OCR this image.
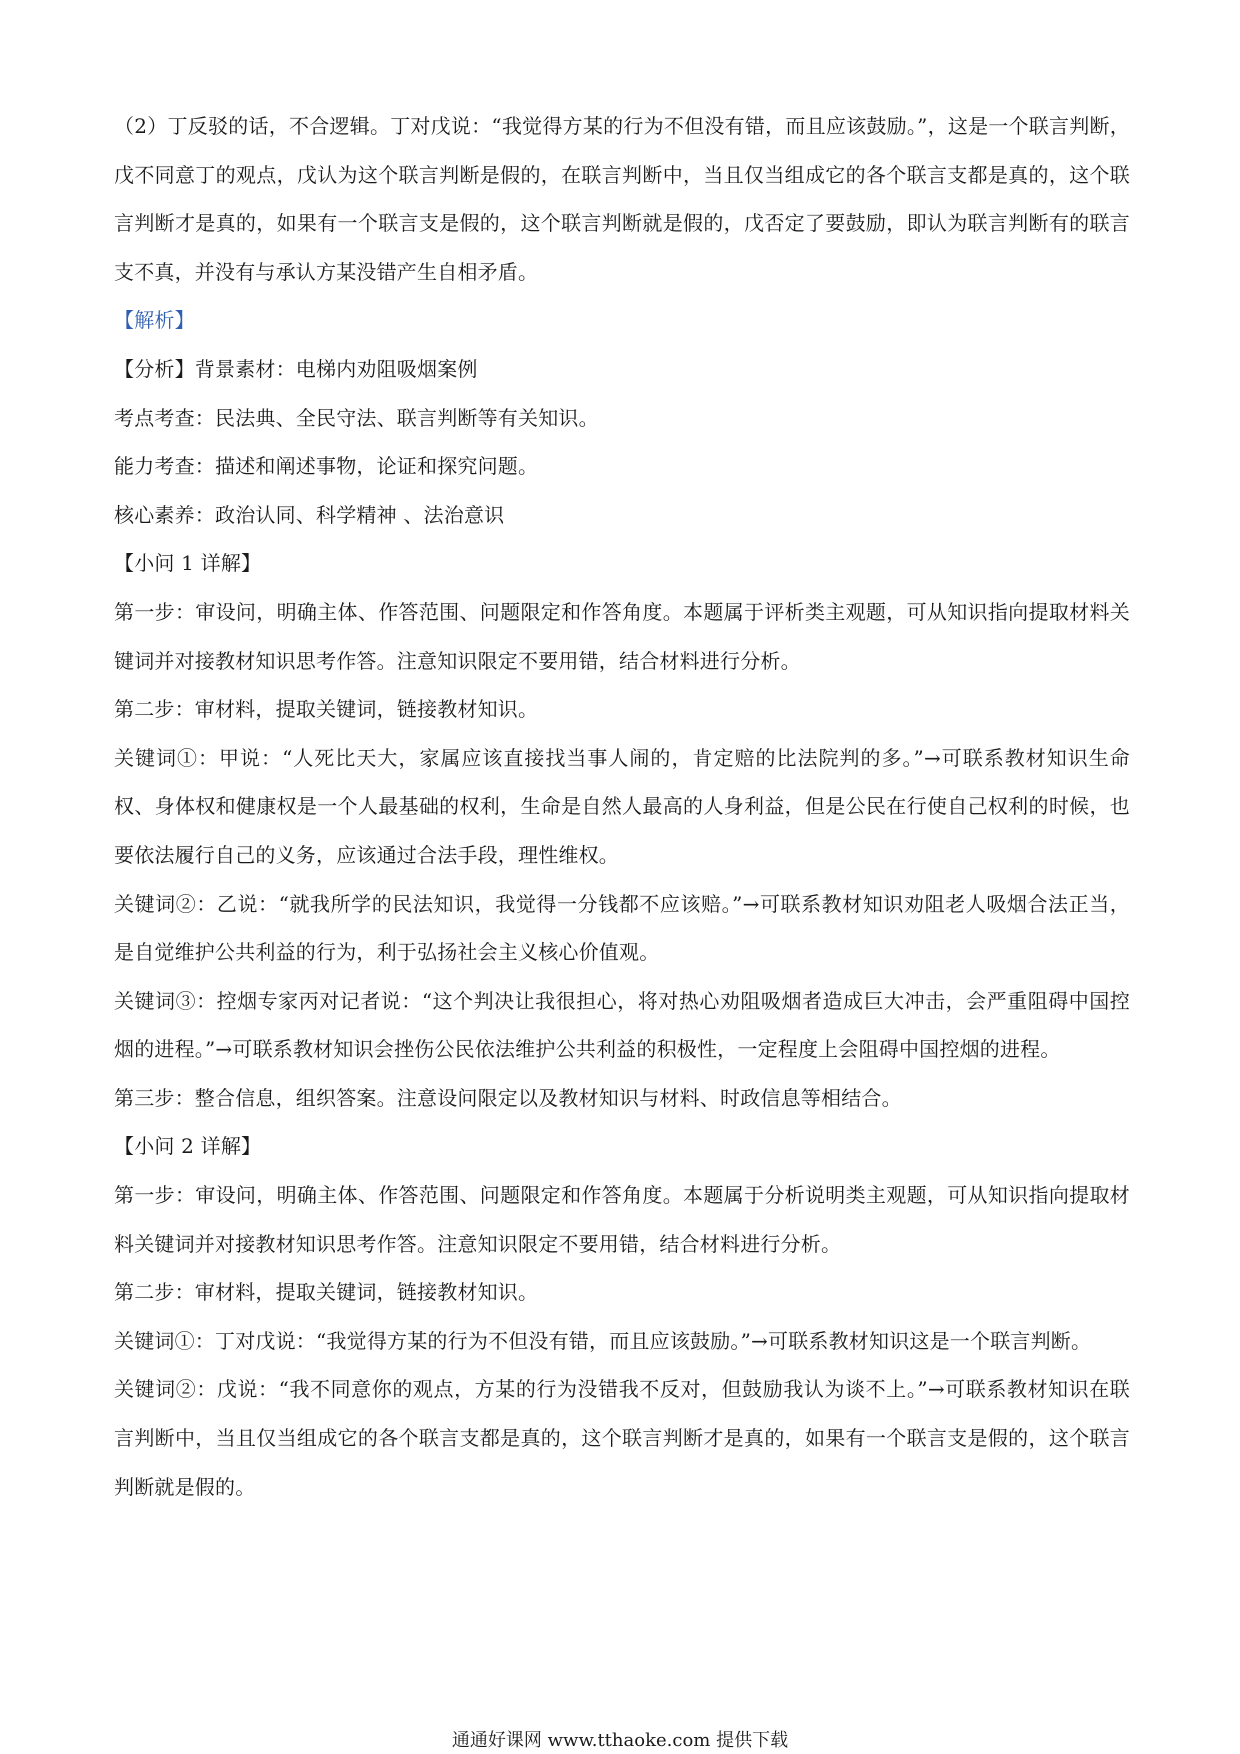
（2）丁反驳的话，不合逻辑。丁对戊说：“我觉得方某的行为不但没有错，而且应该鼓励。”，这是一个联言判断，戊不同意丁的观点，戊认为这个联言判断是假的，在联言判断中，当且仅当组成它的各个联言支都是真的，这个联言判断才是真的，如果有一个联言支是假的，这个联言判断就是假的，戊否定了要鼓励，即认为联言判断有的联言支不真，并没有与承认方某没错产生自相矛盾。

【解析】

【分析】背景素材：电梯内劝阻吸烟案例

考点考查：民法典、全民守法、联言判断等有关知识。

能力考查：描述和阐述事物，论证和探究问题。

核心素养：政治认同、科学精神 、法治意识

【小问 1 详解】

第一步：审设问，明确主体、作答范围、问题限定和作答角度。本题属于评析类主观题，可从知识指向提取材料关键词并对接教材知识思考作答。注意知识限定不要用错，结合材料进行分析。

第二步：审材料，提取关键词，链接教材知识。

关键词①：甲说：“人死比天大，家属应该直接找当事人闹的，肯定赔的比法院判的多。”→可联系教材知识生命权、身体权和健康权是一个人最基础的权利，生命是自然人最高的人身利益，但是公民在行使自己权利的时候，也要依法履行自己的义务，应该通过合法手段，理性维权。

关键词②：乙说：“就我所学的民法知识，我觉得一分钱都不应该赔。”→可联系教材知识劝阻老人吸烟合法正当，是自觉维护公共利益的行为，利于弘扬社会主义核心价值观。

关键词③：控烟专家丙对记者说：“这个判决让我很担心，将对热心劝阻吸烟者造成巨大冲击，会严重阻碍中国控烟的进程。”→可联系教材知识会挫伤公民依法维护公共利益的积极性，一定程度上会阻碍中国控烟的进程。

第三步：整合信息，组织答案。注意设问限定以及教材知识与材料、时政信息等相结合。

【小问 2 详解】

第一步：审设问，明确主体、作答范围、问题限定和作答角度。本题属于分析说明类主观题，可从知识指向提取材料关键词并对接教材知识思考作答。注意知识限定不要用错，结合材料进行分析。

第二步：审材料，提取关键词，链接教材知识。

关键词①：丁对戊说：“我觉得方某的行为不但没有错，而且应该鼓励。”→可联系教材知识这是一个联言判断。

关键词②：戊说：“我不同意你的观点，方某的行为没错我不反对，但鼓励我认为谈不上。”→可联系教材知识在联言判断中，当且仅当组成它的各个联言支都是真的，这个联言判断才是真的，如果有一个联言支是假的，这个联言判断就是假的。

通通好课网 www.tthaoke.com 提供下载
